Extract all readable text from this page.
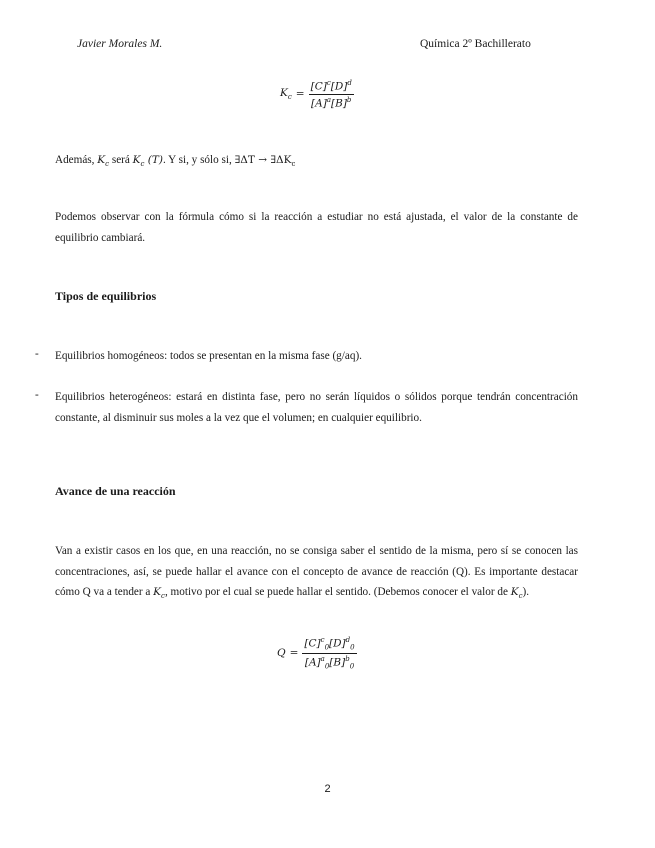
Javier Morales M.	Química 2º Bachillerato
$K_c = \frac{[C]^c[D]^d}{[A]^a[B]^b}$
Además, $K_c$ será $K_c$ (T). Y si, y sólo si, ∃ΔT → $\exists\Delta K_c$
Podemos observar con la fórmula cómo si la reacción a estudiar no está ajustada, el valor de la constante de equilibrio cambiará.
Tipos de equilibrios
- Equilibrios homogéneos: todos se presentan en la misma fase (g/aq).
- Equilibrios heterogéneos: estará en distinta fase, pero no serán líquidos o sólidos porque tendrán concentración constante, al disminuir sus moles a la vez que el volumen; en cualquier equilibrio.
Avance de una reacción
Van a existir casos en los que, en una reacción, no se consiga saber el sentido de la misma, pero sí se conocen las concentraciones, así, se puede hallar el avance con el concepto de avance de reacción (Q). Es importante destacar cómo Q va a tender a $K_c$, motivo por el cual se puede hallar el sentido. (Debemos conocer el valor de $K_c$).
$Q = \frac{[C]^c_0[D]^d_0}{[A]^a_0[B]^b_0}$
2
